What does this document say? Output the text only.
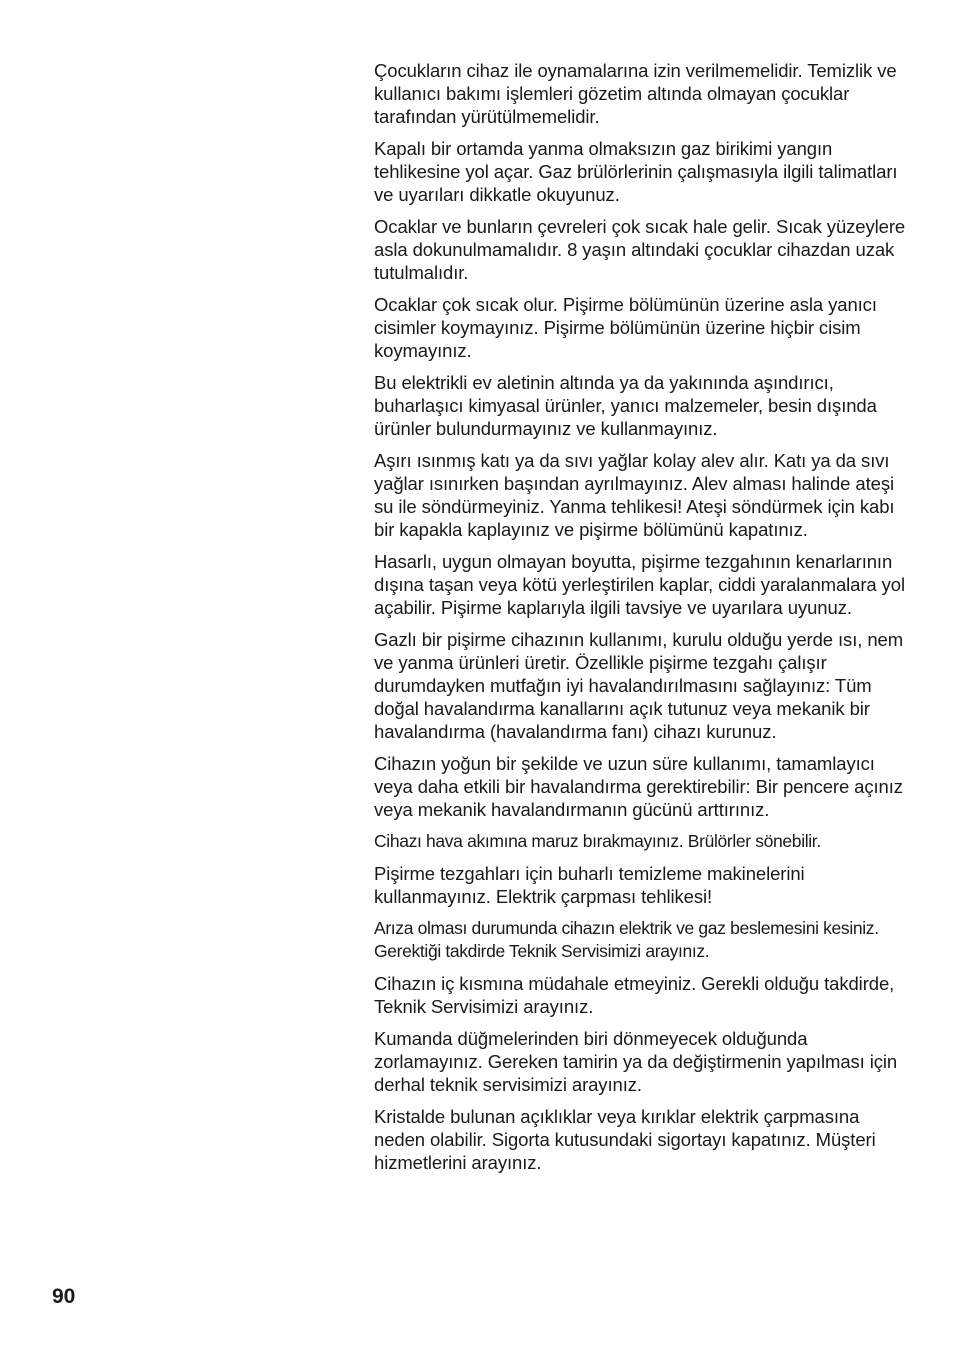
Çocukların cihaz ile oynamalarına izin verilmemelidir. Temizlik ve kullanıcı bakımı işlemleri gözetim altında olmayan çocuklar tarafından yürütülmemelidir.

Kapalı bir ortamda yanma olmaksızın gaz birikimi yangın tehlikesine yol açar. Gaz brülörlerinin çalışmasıyla ilgili talimatları ve uyarıları dikkatle okuyunuz.

Ocaklar ve bunların çevreleri çok sıcak hale gelir. Sıcak yüzeylere asla dokunulmamalıdır. 8 yaşın altındaki çocuklar cihazdan uzak tutulmalıdır.

Ocaklar çok sıcak olur. Pişirme bölümünün üzerine asla yanıcı cisimler koymayınız. Pişirme bölümünün üzerine hiçbir cisim koymayınız.

Bu elektrikli ev aletinin altında ya da yakınında aşındırıcı, buharlaşıcı kimyasal ürünler, yanıcı malzemeler, besin dışında ürünler bulundurmayınız ve kullanmayınız.

Aşırı ısınmış katı ya da sıvı yağlar kolay alev alır. Katı ya da sıvı yağlar ısınırken başından ayrılmayınız. Alev alması halinde ateşi su ile söndürmeyiniz. Yanma tehlikesi! Ateşi söndürmek için kabı bir kapakla kaplayınız ve pişirme bölümünü kapatınız.

Hasarlı, uygun olmayan boyutta, pişirme tezgahının kenarlarının dışına taşan veya kötü yerleştirilen kaplar, ciddi yaralanmalara yol açabilir. Pişirme kaplarıyla ilgili tavsiye ve uyarılara uyunuz.

Gazlı bir pişirme cihazının kullanımı, kurulu olduğu yerde ısı, nem ve yanma ürünleri üretir. Özellikle pişirme tezgahı çalışır durumdayken mutfağın iyi havalandırılmasını sağlayınız: Tüm doğal havalandırma kanallarını açık tutunuz veya mekanik bir havalandırma (havalandırma fanı) cihazı kurunuz.

Cihazın yoğun bir şekilde ve uzun süre kullanımı, tamamlayıcı veya daha etkili bir havalandırma gerektirebilir: Bir pencere açınız veya mekanik havalandırmanın gücünü arttırınız.

Cihazı hava akımına maruz bırakmayınız. Brülörler sönebilir.

Pişirme tezgahları için buharlı temizleme makinelerini kullanmayınız. Elektrik çarpması tehlikesi!

Arıza olması durumunda cihazın elektrik ve gaz beslemesini kesiniz. Gerektiği takdirde Teknik Servisimizi arayınız.

Cihazın iç kısmına müdahale etmeyiniz. Gerekli olduğu takdirde, Teknik Servisimizi arayınız.

Kumanda düğmelerinden biri dönmeyecek olduğunda zorlamayınız. Gereken tamirin ya da değiştirmenin yapılması için derhal teknik servisimizi arayınız.

Kristalde bulunan açıklıklar veya kırıklar elektrik çarpmasına neden olabilir. Sigorta kutusundaki sigortayı kapatınız. Müşteri hizmetlerini arayınız.

90
